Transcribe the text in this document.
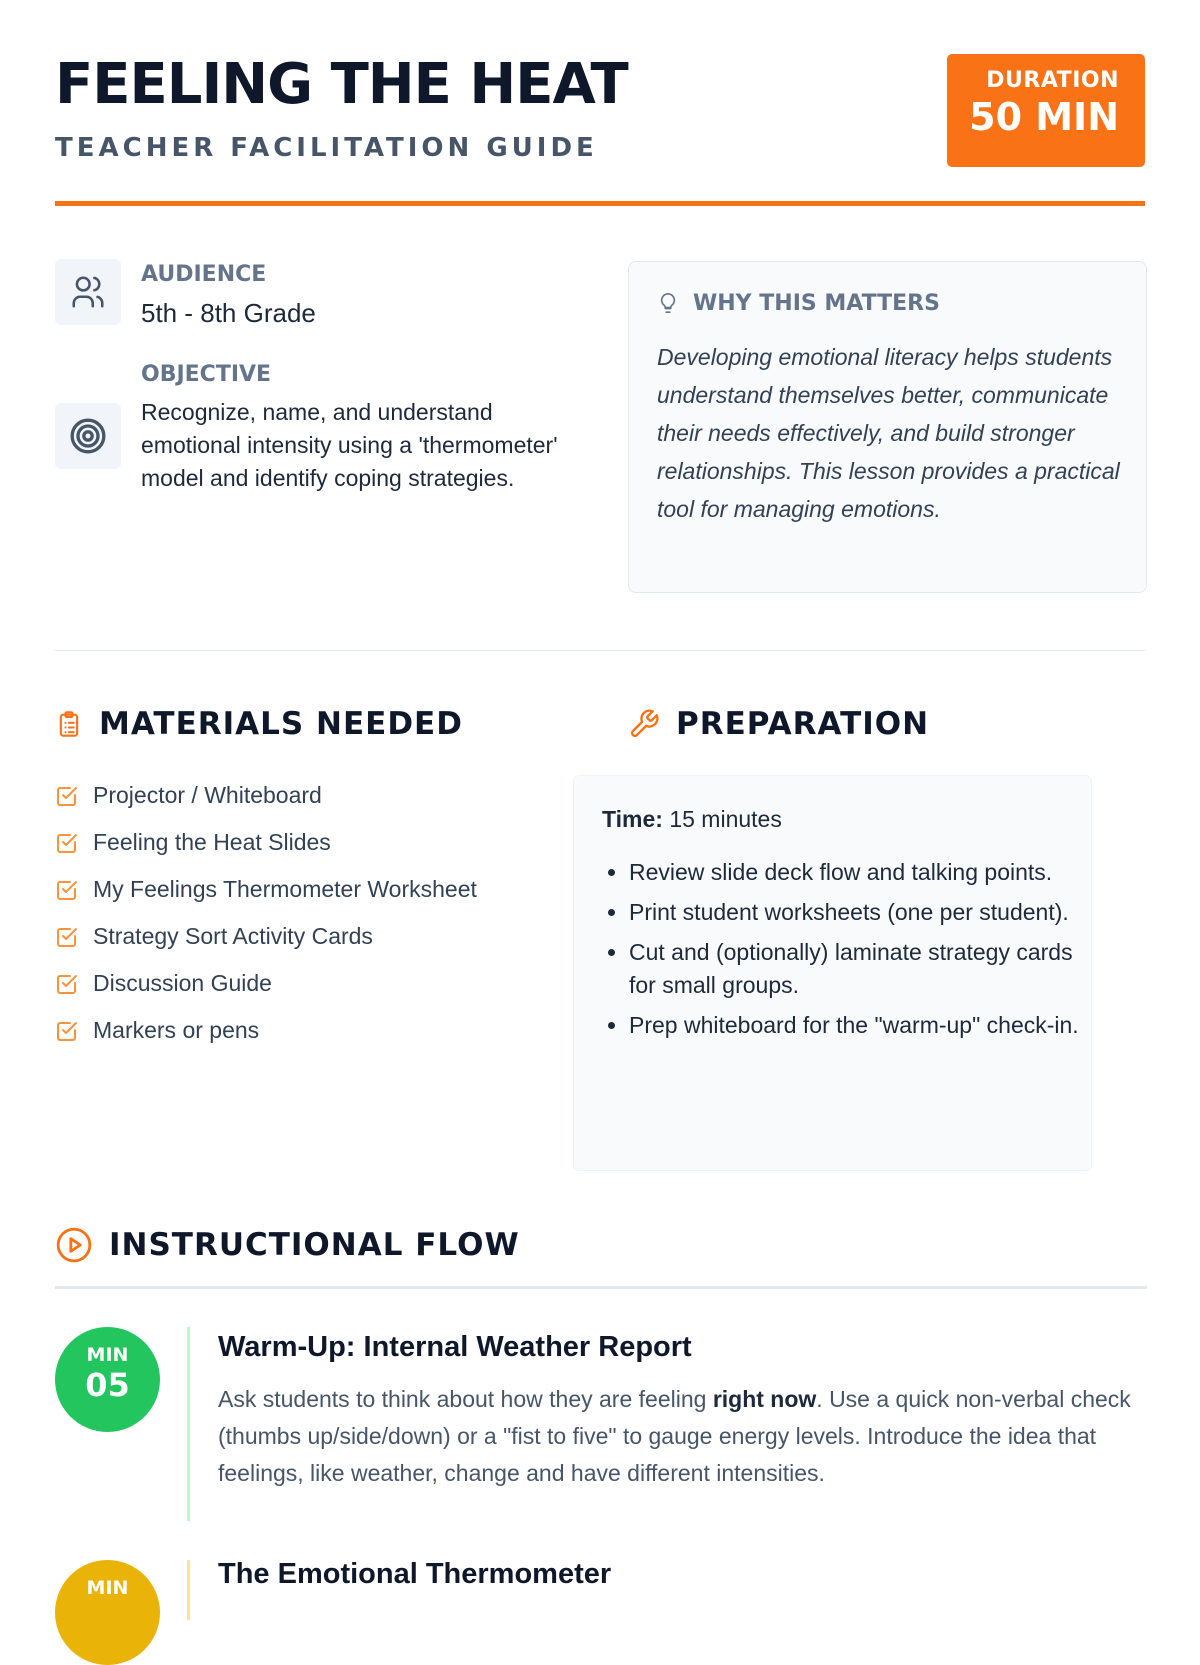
FEELING THE HEAT
TEACHER FACILITATION GUIDE
DURATION
50 MIN
AUDIENCE
5th - 8th Grade
OBJECTIVE
Recognize, name, and understand emotional intensity using a 'thermometer' model and identify coping strategies.
WHY THIS MATTERS
Developing emotional literacy helps students understand themselves better, communicate their needs effectively, and build stronger relationships. This lesson provides a practical tool for managing emotions.
MATERIALS NEEDED
Projector / Whiteboard
Feeling the Heat Slides
My Feelings Thermometer Worksheet
Strategy Sort Activity Cards
Discussion Guide
Markers or pens
PREPARATION
Time: 15 minutes
• Review slide deck flow and talking points.
• Print student worksheets (one per student).
• Cut and (optionally) laminate strategy cards for small groups.
• Prep whiteboard for the "warm-up" check-in.
INSTRUCTIONAL FLOW
MIN
05
Warm-Up: Internal Weather Report
Ask students to think about how they are feeling right now. Use a quick non-verbal check (thumbs up/side/down) or a "fist to five" to gauge energy levels. Introduce the idea that feelings, like weather, change and have different intensities.
MIN	The Emotional Thermometer
